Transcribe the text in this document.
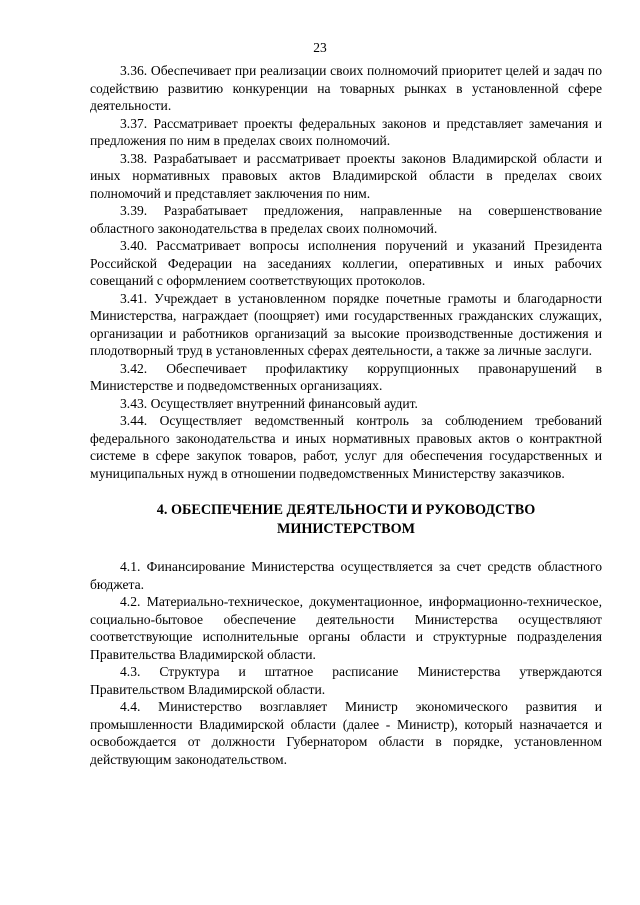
23

3.36. Обеспечивает при реализации своих полномочий приоритет целей и задач по содействию развитию конкуренции на товарных рынках в установленной сфере деятельности.

3.37. Рассматривает проекты федеральных законов и представляет замечания и предложения по ним в пределах своих полномочий.

3.38. Разрабатывает и рассматривает проекты законов Владимирской области и иных нормативных правовых актов Владимирской области в пределах своих полномочий и представляет заключения по ним.

3.39. Разрабатывает предложения, направленные на совершенствование областного законодательства в пределах своих полномочий.

3.40. Рассматривает вопросы исполнения поручений и указаний Президента Российской Федерации на заседаниях коллегии, оперативных и иных рабочих совещаний с оформлением соответствующих протоколов.

3.41. Учреждает в установленном порядке почетные грамоты и благодарности Министерства, награждает (поощряет) ими государственных гражданских служащих, организации и работников организаций за высокие производственные достижения и плодотворный труд в установленных сферах деятельности, а также за личные заслуги.

3.42. Обеспечивает профилактику коррупционных правонарушений в Министерстве и подведомственных организациях.

3.43. Осуществляет внутренний финансовый аудит.

3.44. Осуществляет ведомственный контроль за соблюдением требований федерального законодательства и иных нормативных правовых актов о контрактной системе в сфере закупок товаров, работ, услуг для обеспечения государственных и муниципальных нужд в отношении подведомственных Министерству заказчиков.

4. ОБЕСПЕЧЕНИЕ ДЕЯТЕЛЬНОСТИ И РУКОВОДСТВО МИНИСТЕРСТВОМ

4.1. Финансирование Министерства осуществляется за счет средств областного бюджета.

4.2. Материально-техническое, документационное, информационно-техническое, социально-бытовое обеспечение деятельности Министерства осуществляют соответствующие исполнительные органы области и структурные подразделения Правительства Владимирской области.

4.3. Структура и штатное расписание Министерства утверждаются Правительством Владимирской области.

4.4. Министерство возглавляет Министр экономического развития и промышленности Владимирской области (далее - Министр), который назначается и освобождается от должности Губернатором области в порядке, установленном действующим законодательством.
